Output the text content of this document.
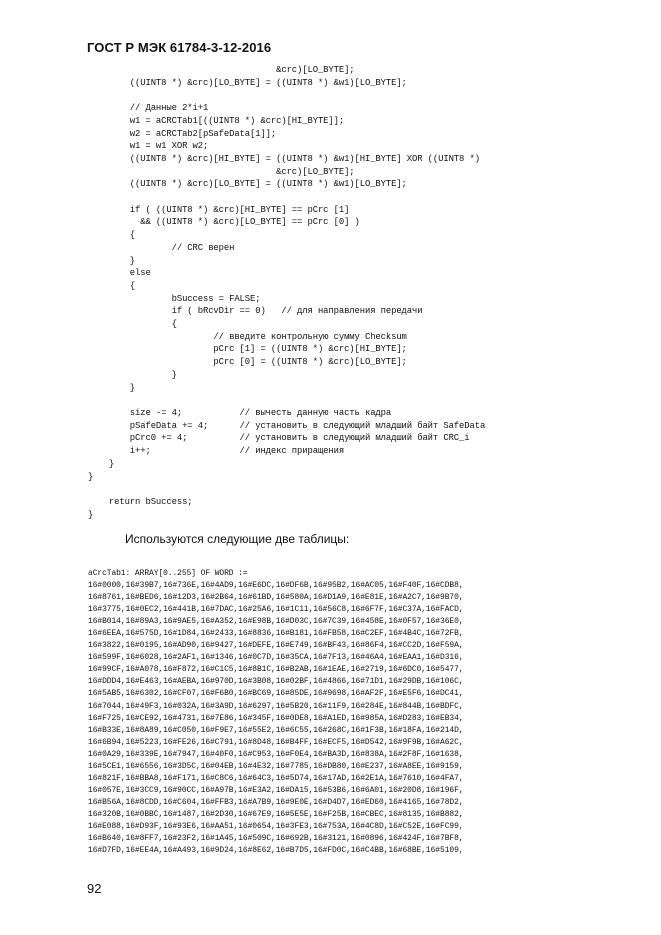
ГОСТ Р МЭК 61784-3-12-2016
&crc)[LO_BYTE];
((UINT8 *) &crc)[LO_BYTE] = ((UINT8 *) &w1)[LO_BYTE];

// Данные 2*i+1
w1 = aCRCTab1[((UINT8 *) &crc)[HI_BYTE]];
w2 = aCRCTab2[pSafeData[1]];
w1 = w1 XOR w2;
((UINT8 *) &crc)[HI_BYTE] = ((UINT8 *) &w1)[HI_BYTE] XOR ((UINT8 *)
&crc)[LO_BYTE];
((UINT8 *) &crc)[LO_BYTE] = ((UINT8 *) &w1)[LO_BYTE];

if ( ((UINT8 *) &crc)[HI_BYTE] == pCrc [1]
&& ((UINT8 *) &crc)[LO_BYTE] == pCrc [0] )
{
// CRC верен
}
else
{
bSuccess = FALSE;
if ( bRcvDir == 0)   // для направления передачи
{
// введите контрольную сумму Checksum
pCrc [1] = ((UINT8 *) &crc)[HI_BYTE];
pCrc [0] = ((UINT8 *) &crc)[LO_BYTE];
}
}

size -= 4;           // вычесть данную часть кадра
pSafeData += 4;      // установить в следующий младший байт SafeData
pCrc0 += 4;          // установить в следующий младший байт CRC_i
i++;                 // индекс приращения
}
}

return bSuccess;
}

Используются следующие две таблицы:

aCrcTab1: ARRAY[0..255] OF WORD :=
16#0000,16#39B7,16#736E,16#4AD9,16#E6DC,16#DF6B,16#95B2,16#AC05,16#F40F,16#CDB8,
16#8761,16#BED6,16#12D3,16#2B64,16#61BD,16#580A,16#D1A9,16#E81E,16#A2C7,16#9B70,
16#3775,16#0EC2,16#441B,16#7DAC,16#25A6,16#1C11,16#56C8,16#6F7F,16#C37A,16#FACD,
16#B014,16#89A3,16#9AE5,16#A352,16#E98B,16#D03C,16#7C39,16#458E,16#0F57,16#36E0,
16#6EEA,16#575D,16#1D84,16#2433,16#8836,16#B181,16#FB58,16#C2EF,16#4B4C,16#72FB,
16#3822,16#0195,16#AD90,16#9427,16#DEFE,16#E749,16#BF43,16#86F4,16#CC2D,16#F59A,
16#599F,16#6028,16#2AF1,16#1346,16#0C7D,16#35CA,16#7F13,16#46A4,16#EAA1,16#D316,
16#99CF,16#A078,16#F872,16#C1C5,16#8B1C,16#B2AB,16#1EAE,16#2719,16#6DC0,16#5477,
16#DDD4,16#E463,16#AEBA,16#970D,16#3B08,16#02BF,16#4866,16#71D1,16#29DB,16#106C,
16#5AB5,16#6302,16#CF07,16#F6B0,16#BC69,16#85DE,16#9698,16#AF2F,16#E5F6,16#DC41,
16#7044,16#49F3,16#032A,16#3A9D,16#6297,16#5B20,16#11F9,16#284E,16#844B,16#BDFC,
16#F725,16#CE92,16#4731,16#7E86,16#345F,16#0DE8,16#A1ED,16#985A,16#D283,16#EB34,
16#B33E,16#8A89,16#C050,16#F9E7,16#55E2,16#6C55,16#268C,16#1F3B,16#18FA,16#214D,
16#6B94,16#5223,16#FE26,16#C791,16#8D48,16#B4FF,16#ECF5,16#D542,16#9F9B,16#A62C,
16#0A29,16#339E,16#7947,16#40F0,16#C953,16#F0E4,16#BA3D,16#838A,16#2F8F,16#1638,
16#5CE1,16#6556,16#3D5C,16#04EB,16#4E32,16#7785,16#DB80,16#E237,16#A8EE,16#9159,
16#821F,16#BBA8,16#F171,16#C8C6,16#64C3,16#5D74,16#17AD,16#2E1A,16#7610,16#4FA7,
16#057E,16#3CC9,16#90CC,16#A97B,16#E3A2,16#DA15,16#53B6,16#6A01,16#20D8,16#196F,
16#B56A,16#8CDD,16#C604,16#FFB3,16#A7B9,16#9E0E,16#D4D7,16#ED60,16#4165,16#78D2,
16#320B,16#0BBC,16#1487,16#2D30,16#67E9,16#5E5E,16#F25B,16#CBEC,16#8135,16#B882,
16#E088,16#D93F,16#93E6,16#AA51,16#0654,16#3FE3,16#753A,16#4C8D,16#C52E,16#FC99,
16#B640,16#8FF7,16#23F2,16#1A45,16#509C,16#692B,16#3121,16#0896,16#424F,16#7BF8,
16#D7FD,16#EE4A,16#A493,16#9D24,16#8E62,16#B7D5,16#FD0C,16#C4BB,16#68BE,16#5109,
92
